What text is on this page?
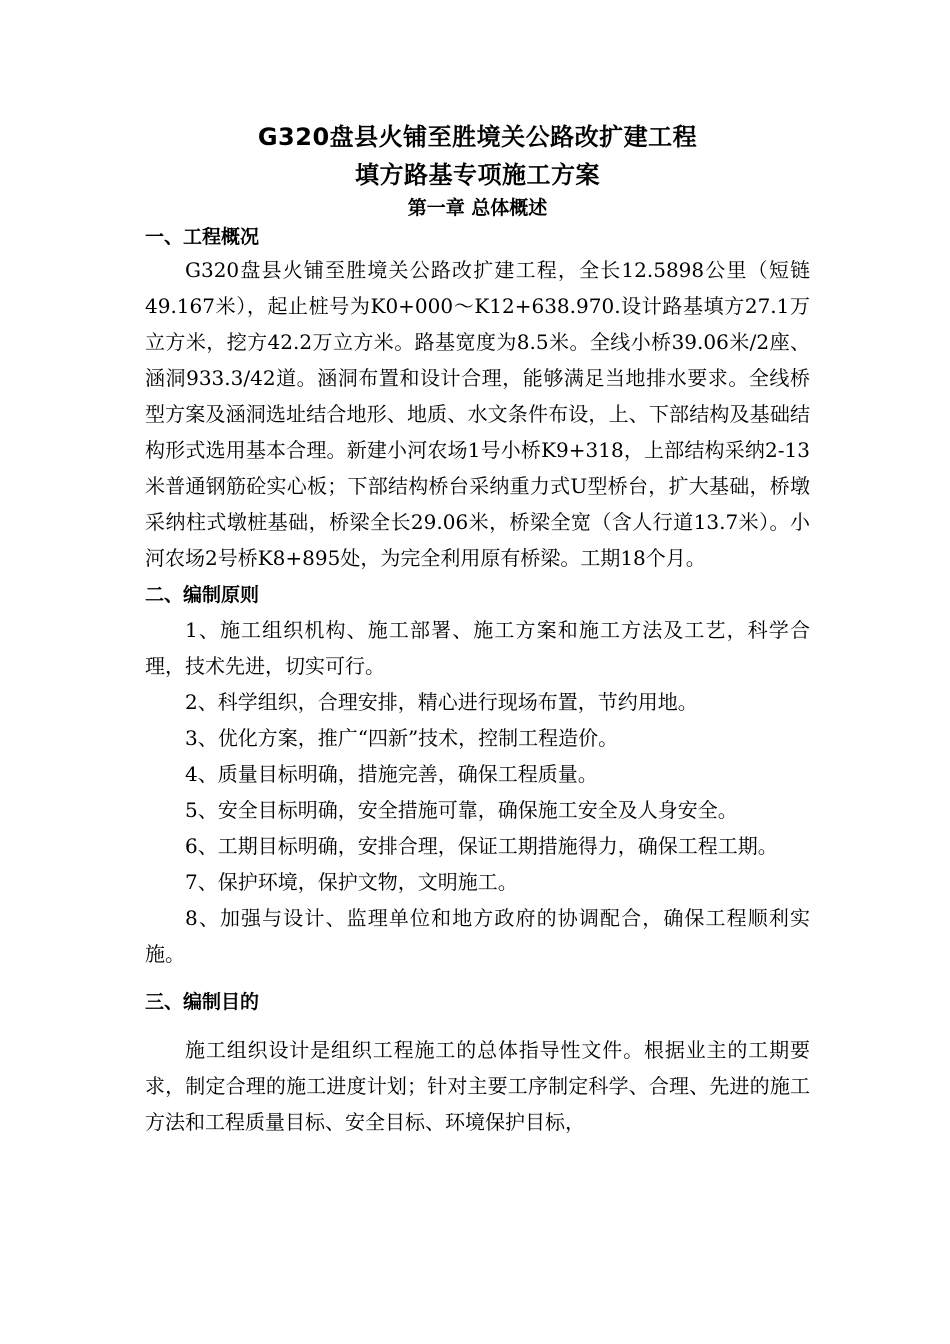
G320盘县火铺至胜境关公路改扩建工程

填方路基专项施工方案

第一章 总体概述

一、工程概况

G320盘县火铺至胜境关公路改扩建工程，全长12.5898公里（短链49.167米），起止桩号为K0+000～K12+638.970.设计路基填方27.1万立方米，挖方42.2万立方米。路基宽度为8.5米。全线小桥39.06米/2座、涵洞933.3/42道。涵洞布置和设计合理，能够满足当地排水要求。全线桥型方案及涵洞选址结合地形、地质、水文条件布设，上、下部结构及基础结构形式选用基本合理。新建小河农场1号小桥K9+318，上部结构采纳2-13米普通钢筋砼实心板；下部结构桥台采纳重力式U型桥台，扩大基础，桥墩采纳柱式墩桩基础，桥梁全长29.06米，桥梁全宽（含人行道13.7米）。小河农场2号桥K8+895处，为完全利用原有桥梁。工期18个月。

二、编制原则

1、施工组织机构、施工部署、施工方案和施工方法及工艺，科学合理，技术先进，切实可行。

2、科学组织，合理安排，精心进行现场布置，节约用地。

3、优化方案，推广“四新”技术，控制工程造价。

4、质量目标明确，措施完善，确保工程质量。

5、安全目标明确，安全措施可靠，确保施工安全及人身安全。

6、工期目标明确，安排合理，保证工期措施得力，确保工程工期。

7、保护环境，保护文物，文明施工。

8、加强与设计、监理单位和地方政府的协调配合，确保工程顺利实施。

三、编制目的

施工组织设计是组织工程施工的总体指导性文件。根据业主的工期要求，制定合理的施工进度计划；针对主要工序制定科学、合理、先进的施工方法和工程质量目标、安全目标、环境保护目标，
